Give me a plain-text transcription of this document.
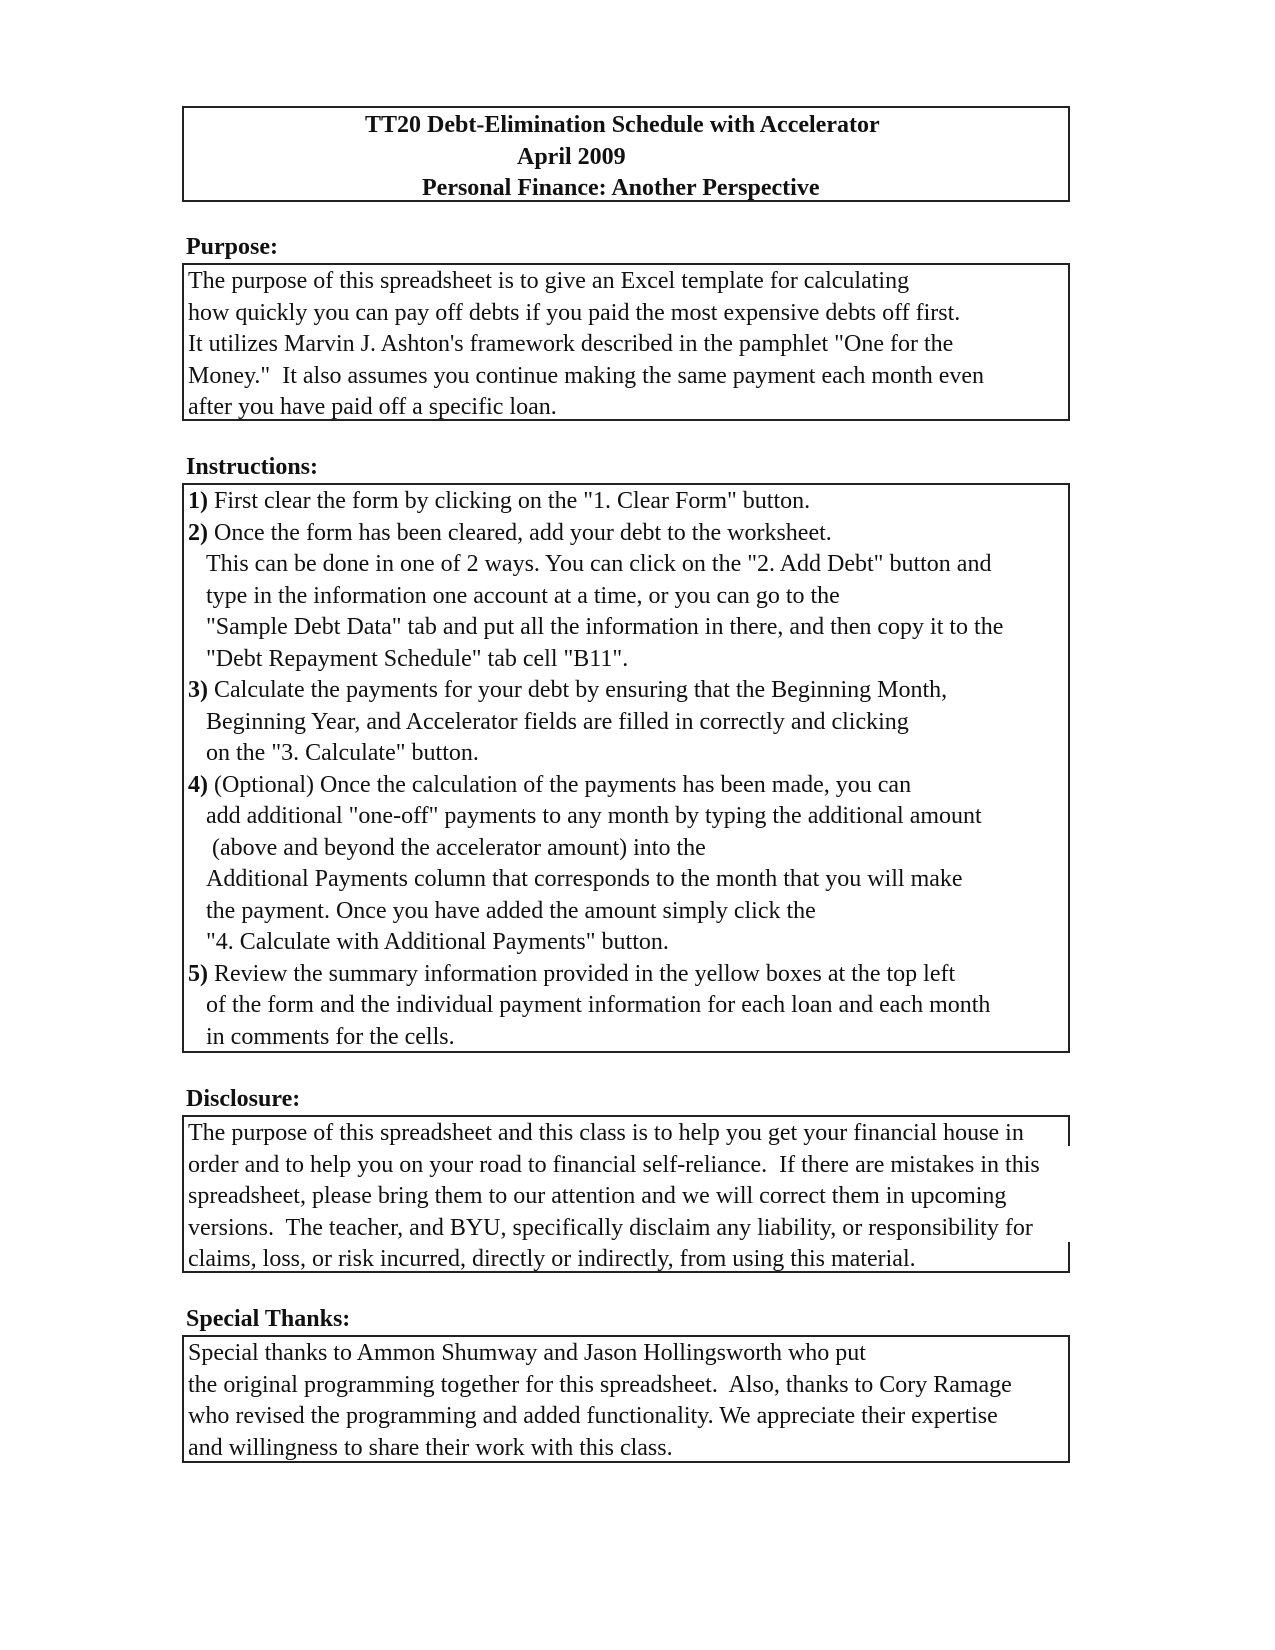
TT20 Debt-Elimination Schedule with Accelerator
April 2009
Personal Finance: Another Perspective
Purpose:
The purpose of this spreadsheet is to give an Excel template for calculating
how quickly you can pay off debts if you paid the most expensive debts off first.
It utilizes Marvin J. Ashton's framework described in the pamphlet "One for the
Money."  It also assumes you continue making the same payment each month even
after you have paid off a specific loan.
Instructions:
1) First clear the form by clicking on the "1. Clear Form" button.
2) Once the form has been cleared, add your debt to the worksheet.
This can be done in one of 2 ways. You can click on the "2. Add Debt" button and
type in the information one account at a time, or you can go to the
"Sample Debt Data" tab and put all the information in there, and then copy it to the
"Debt Repayment Schedule" tab cell "B11".
3) Calculate the payments for your debt by ensuring that the Beginning Month,
Beginning Year, and Accelerator fields are filled in correctly and clicking
on the "3. Calculate" button.
4) (Optional) Once the calculation of the payments has been made, you can
add additional "one-off" payments to any month by typing the additional amount
(above and beyond the accelerator amount) into the
Additional Payments column that corresponds to the month that you will make
the payment. Once you have added the amount simply click the
"4. Calculate with Additional Payments" button.
5) Review the summary information provided in the yellow boxes at the top left
of the form and the individual payment information for each loan and each month
in comments for the cells.
Disclosure:
The purpose of this spreadsheet and this class is to help you get your financial house in
order and to help you on your road to financial self-reliance.  If there are mistakes in this
spreadsheet, please bring them to our attention and we will correct them in upcoming
versions.  The teacher, and BYU, specifically disclaim any liability, or responsibility for
claims, loss, or risk incurred, directly or indirectly, from using this material.
Special Thanks:
Special thanks to Ammon Shumway and Jason Hollingsworth who put
the original programming together for this spreadsheet.  Also, thanks to Cory Ramage
who revised the programming and added functionality. We appreciate their expertise
and willingness to share their work with this class.
